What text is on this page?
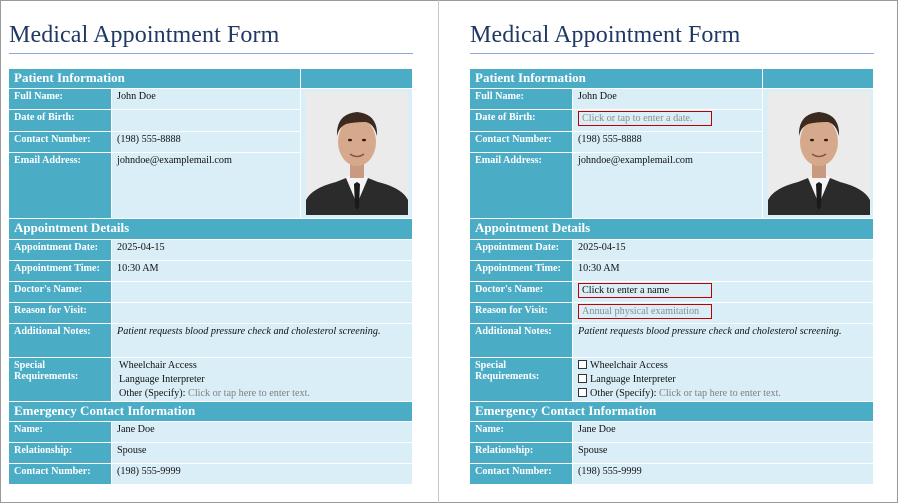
Medical Appointment Form
Patient Information		
Full Name:	John Doe	

Date of Birth:		
Contact Number:	(198) 555-8888	
Email Address:	johndoe@examplemail.com	
Appointment Details		
Appointment Date:	2025-04-15	
Appointment Time:	10:30 AM	
Doctor's Name:		
Reason for Visit:		
Additional Notes:	Patient requests blood pressure check and cholesterol screening.	
Special Requirements:	Wheelchair Access
Language Interpreter
Other (Specify): Click or tap here to enter text.	

Emergency Contact Information		
Name:	Jane Doe	
Relationship:	Spouse	
Contact Number:	(198) 555-9999	
Medical Appointment Form
Patient Information		
Full Name:	John Doe	

Date of Birth:	Click or tap to enter a date.	
Contact Number:	(198) 555-8888	
Email Address:	johndoe@examplemail.com	
Appointment Details		
Appointment Date:	2025-04-15	
Appointment Time:	10:30 AM	
Doctor's Name:	Click to enter a name	
Reason for Visit:	Annual physical examitation	
Additional Notes:	Patient requests blood pressure check and cholesterol screening.	
Special Requirements:	Wheelchair Access
Language Interpreter
Other (Specify): Click or tap here to enter text.	

Emergency Contact Information		
Name:	Jane Doe	
Relationship:	Spouse	
Contact Number:	(198) 555-9999	
